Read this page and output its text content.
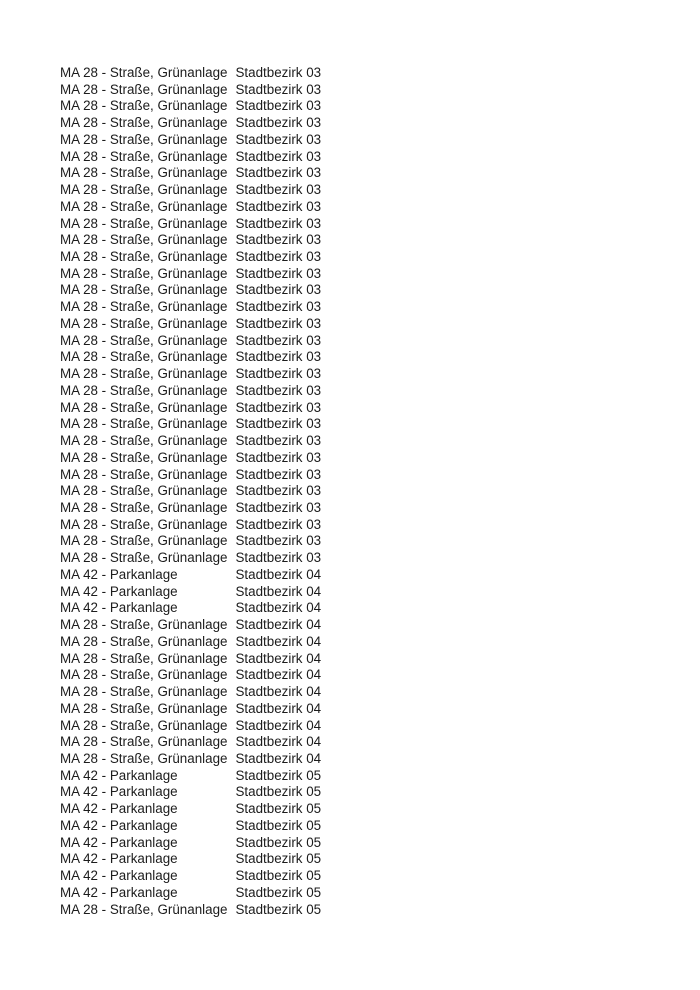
MA 28 - Straße, Grünanlage Stadtbezirk 03
MA 28 - Straße, Grünanlage Stadtbezirk 03
MA 28 - Straße, Grünanlage Stadtbezirk 03
MA 28 - Straße, Grünanlage Stadtbezirk 03
MA 28 - Straße, Grünanlage Stadtbezirk 03
MA 28 - Straße, Grünanlage Stadtbezirk 03
MA 28 - Straße, Grünanlage Stadtbezirk 03
MA 28 - Straße, Grünanlage Stadtbezirk 03
MA 28 - Straße, Grünanlage Stadtbezirk 03
MA 28 - Straße, Grünanlage Stadtbezirk 03
MA 28 - Straße, Grünanlage Stadtbezirk 03
MA 28 - Straße, Grünanlage Stadtbezirk 03
MA 28 - Straße, Grünanlage Stadtbezirk 03
MA 28 - Straße, Grünanlage Stadtbezirk 03
MA 28 - Straße, Grünanlage Stadtbezirk 03
MA 28 - Straße, Grünanlage Stadtbezirk 03
MA 28 - Straße, Grünanlage Stadtbezirk 03
MA 28 - Straße, Grünanlage Stadtbezirk 03
MA 28 - Straße, Grünanlage Stadtbezirk 03
MA 28 - Straße, Grünanlage Stadtbezirk 03
MA 28 - Straße, Grünanlage Stadtbezirk 03
MA 28 - Straße, Grünanlage Stadtbezirk 03
MA 28 - Straße, Grünanlage Stadtbezirk 03
MA 28 - Straße, Grünanlage Stadtbezirk 03
MA 28 - Straße, Grünanlage Stadtbezirk 03
MA 28 - Straße, Grünanlage Stadtbezirk 03
MA 28 - Straße, Grünanlage Stadtbezirk 03
MA 28 - Straße, Grünanlage Stadtbezirk 03
MA 28 - Straße, Grünanlage Stadtbezirk 03
MA 28 - Straße, Grünanlage Stadtbezirk 03
MA 42 - Parkanlage	Stadtbezirk 04
MA 42 - Parkanlage	Stadtbezirk 04
MA 42 - Parkanlage	Stadtbezirk 04
MA 28 - Straße, Grünanlage Stadtbezirk 04
MA 28 - Straße, Grünanlage Stadtbezirk 04
MA 28 - Straße, Grünanlage Stadtbezirk 04
MA 28 - Straße, Grünanlage Stadtbezirk 04
MA 28 - Straße, Grünanlage Stadtbezirk 04
MA 28 - Straße, Grünanlage Stadtbezirk 04
MA 28 - Straße, Grünanlage Stadtbezirk 04
MA 28 - Straße, Grünanlage Stadtbezirk 04
MA 28 - Straße, Grünanlage Stadtbezirk 04
MA 42 - Parkanlage	Stadtbezirk 05
MA 42 - Parkanlage	Stadtbezirk 05
MA 42 - Parkanlage	Stadtbezirk 05
MA 42 - Parkanlage	Stadtbezirk 05
MA 42 - Parkanlage	Stadtbezirk 05
MA 42 - Parkanlage	Stadtbezirk 05
MA 42 - Parkanlage	Stadtbezirk 05
MA 42 - Parkanlage	Stadtbezirk 05
MA 28 - Straße, Grünanlage Stadtbezirk 05
